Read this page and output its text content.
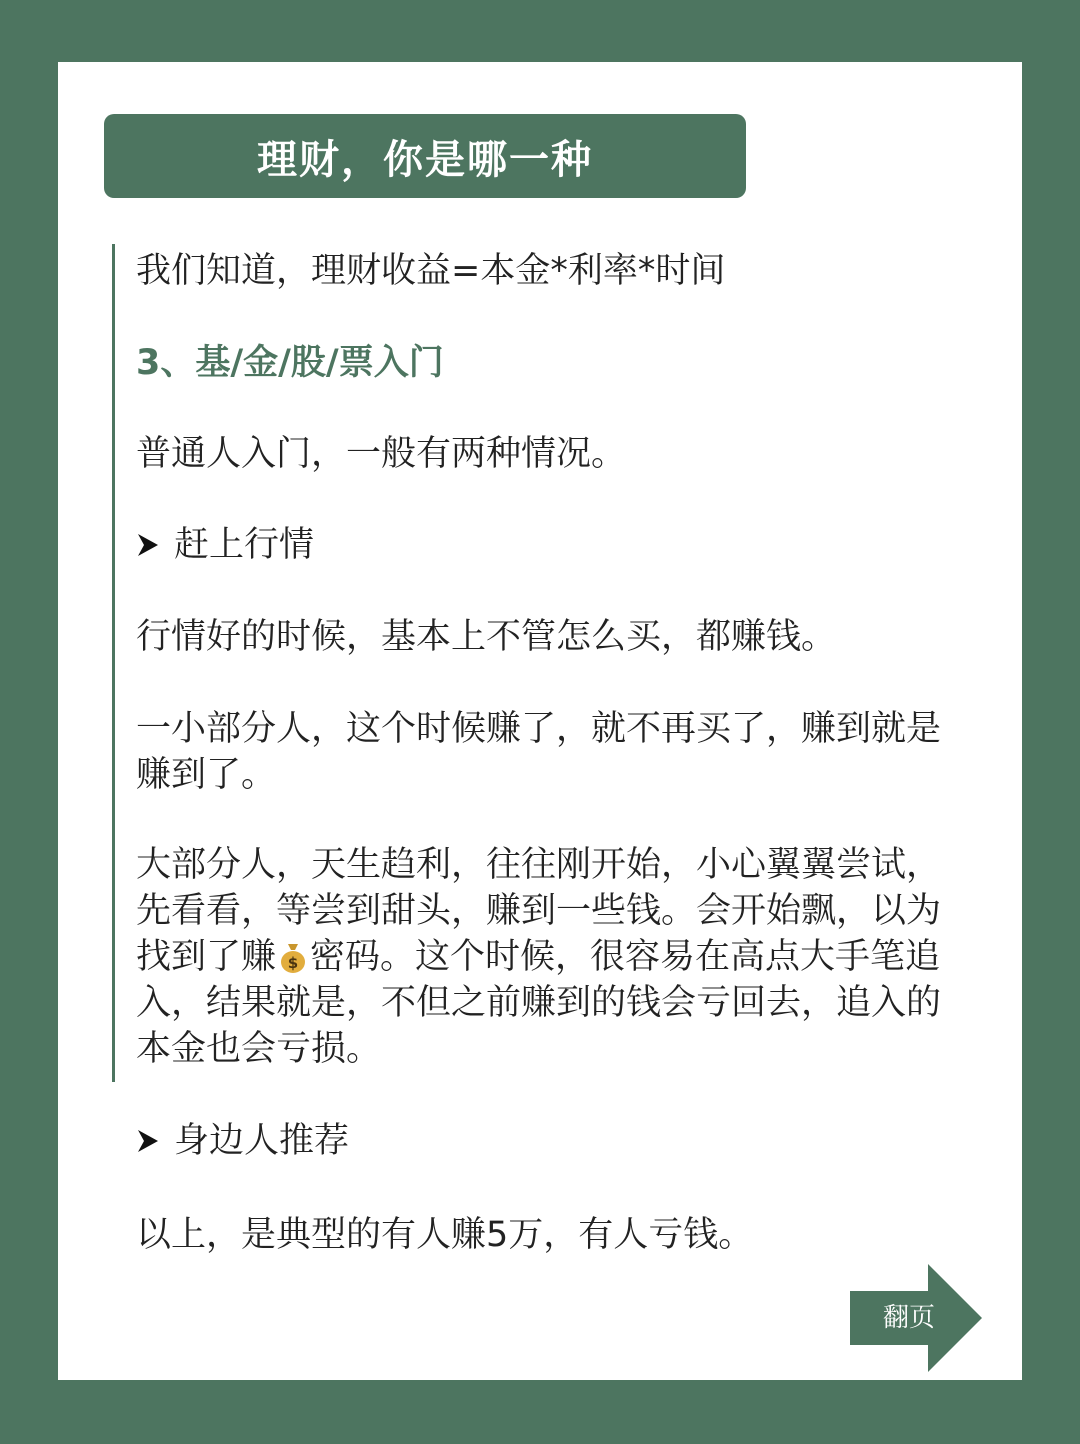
理财，你是哪一种

我们知道，理财收益=本金*利率*时间

3、基/金/股/票入门

普通人入门，一般有两种情况。

赶上行情

行情好的时候，基本上不管怎么买，都赚钱。

一小部分人，这个时候赚了，就不再买了，赚到就是赚到了。

大部分人，天生趋利，往往刚开始，小心翼翼尝试，先看看，等尝到甜头，赚到一些钱。会开始飘，以为找到了赚 $ 密码。这个时候，很容易在高点大手笔追入，结果就是，不但之前赚到的钱会亏回去，追入的本金也会亏损。

身边人推荐

以上，是典型的有人赚5万，有人亏钱。

翻页
